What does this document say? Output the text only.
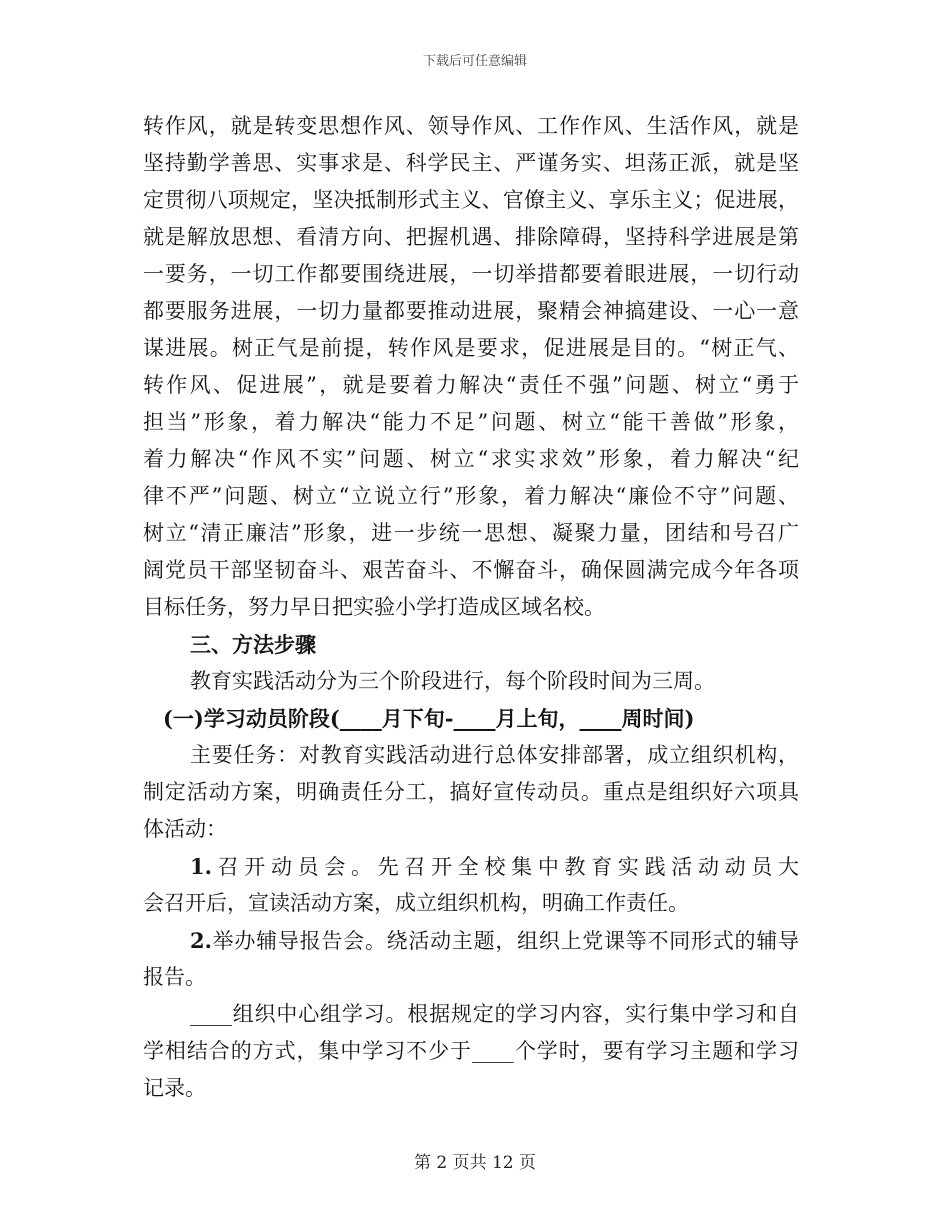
下载后可任意编辑
转作风，就是转变思想作风、领导作风、工作作风、生活作风，就是
坚持勤学善思、实事求是、科学民主、严谨务实、坦荡正派，就是坚
定贯彻八项规定，坚决抵制形式主义、官僚主义、享乐主义；促进展，
就是解放思想、看清方向、把握机遇、排除障碍，坚持科学进展是第
一要务，一切工作都要围绕进展，一切举措都要着眼进展，一切行动
都要服务进展，一切力量都要推动进展，聚精会神搞建设、一心一意
谋进展。树正气是前提，转作风是要求，促进展是目的。“树正气、
转作风、促进展”，就是要着力解决“责任不强”问题、树立“勇于
担当”形象，着力解决“能力不足”问题、树立“能干善做”形象，
着力解决“作风不实”问题、树立“求实求效”形象，着力解决“纪
律不严”问题、树立“立说立行”形象，着力解决“廉俭不守”问题、
树立“清正廉洁”形象，进一步统一思想、凝聚力量，团结和号召广
阔党员干部坚韧奋斗、艰苦奋斗、不懈奋斗，确保圆满完成今年各项
目标任务，努力早日把实验小学打造成区域名校。
三、方法步骤
教育实践活动分为三个阶段进行，每个阶段时间为三周。
(一)学习动员阶段(____月下旬-____月上旬，____周时间)
主要任务：对教育实践活动进行总体安排部署，成立组织机构，
制定活动方案，明确责任分工，搞好宣传动员。重点是组织好六项具
体活动：
1.召开动员会。先召开全校集中教育实践活动动员大
会召开后，宣读活动方案，成立组织机构，明确工作责任。
2.举办辅导报告会。绕活动主题，组织上党课等不同形式的辅导
报告。
____组织中心组学习。根据规定的学习内容，实行集中学习和自
学相结合的方式，集中学习不少于____个学时，要有学习主题和学习
记录。
第 2 页共 12 页
